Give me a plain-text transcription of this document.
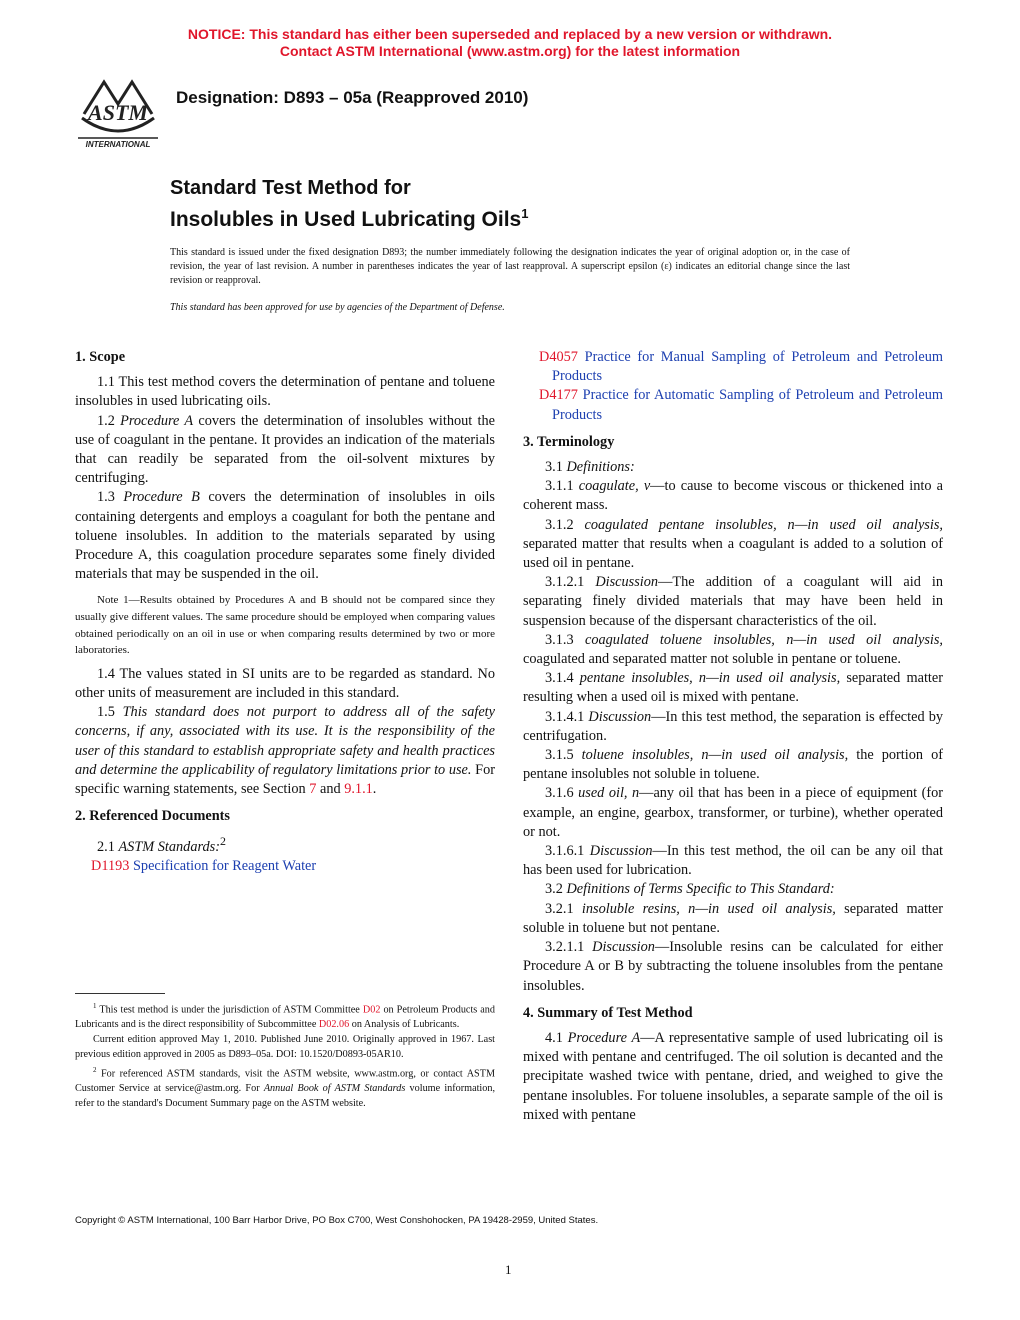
NOTICE: This standard has either been superseded and replaced by a new version or withdrawn.
Contact ASTM International (www.astm.org) for the latest information
ASTM
INTERNATIONAL
Designation: D893 – 05a (Reapproved 2010)
Standard Test Method for
Insolubles in Used Lubricating Oils$^1$
This standard is issued under the fixed designation D893; the number immediately following the designation indicates the year of original adoption or, in the case of revision, the year of last revision. A number in parentheses indicates the year of last reapproval. A superscript epsilon (ε) indicates an editorial change since the last revision or reapproval.
This standard has been approved for use by agencies of the Department of Defense.

1. Scope

1.1 This test method covers the determination of pentane and toluene insolubles in used lubricating oils.

1.2 Procedure A covers the determination of insolubles without the use of coagulant in the pentane. It provides an indication of the materials that can readily be separated from the oil-solvent mixtures by centrifuging.

1.3 Procedure B covers the determination of insolubles in oils containing detergents and employs a coagulant for both the pentane and toluene insolubles. In addition to the materials separated by using Procedure A, this coagulation procedure separates some finely divided materials that may be suspended in the oil.

Note 1—Results obtained by Procedures A and B should not be compared since they usually give different values. The same procedure should be employed when comparing values obtained periodically on an oil in use or when comparing results determined by two or more laboratories.

1.4 The values stated in SI units are to be regarded as standard. No other units of measurement are included in this standard.

1.5 This standard does not purport to address all of the safety concerns, if any, associated with its use. It is the responsibility of the user of this standard to establish appropriate safety and health practices and determine the applicability of regulatory limitations prior to use. For specific warning statements, see Section 7 and 9.1.1.

2. Referenced Documents

2.1 ASTM Standards:$^2$

D1193 Specification for Reagent Water

$^1$ This test method is under the jurisdiction of ASTM Committee D02 on Petroleum Products and Lubricants and is the direct responsibility of Subcommittee D02.06 on Analysis of Lubricants.

Current edition approved May 1, 2010. Published June 2010. Originally approved in 1967. Last previous edition approved in 2005 as D893–05a. DOI: 10.1520/D0893-05AR10.

$^2$ For referenced ASTM standards, visit the ASTM website, www.astm.org, or contact ASTM Customer Service at service@astm.org. For Annual Book of ASTM Standards volume information, refer to the standard's Document Summary page on the ASTM website.

D4057 Practice for Manual Sampling of Petroleum and Petroleum Products

D4177 Practice for Automatic Sampling of Petroleum and Petroleum Products

3. Terminology

3.1 Definitions:

3.1.1 coagulate, v—to cause to become viscous or thickened into a coherent mass.

3.1.2 coagulated pentane insolubles, n—in used oil analysis, separated matter that results when a coagulant is added to a solution of used oil in pentane.

3.1.2.1 Discussion—The addition of a coagulant will aid in separating finely divided materials that may have been held in suspension because of the dispersant characteristics of the oil.

3.1.3 coagulated toluene insolubles, n—in used oil analysis, coagulated and separated matter not soluble in pentane or toluene.

3.1.4 pentane insolubles, n—in used oil analysis, separated matter resulting when a used oil is mixed with pentane.

3.1.4.1 Discussion—In this test method, the separation is effected by centrifugation.

3.1.5 toluene insolubles, n—in used oil analysis, the portion of pentane insolubles not soluble in toluene.

3.1.6 used oil, n—any oil that has been in a piece of equipment (for example, an engine, gearbox, transformer, or turbine), whether operated or not.

3.1.6.1 Discussion—In this test method, the oil can be any oil that has been used for lubrication.

3.2 Definitions of Terms Specific to This Standard:

3.2.1 insoluble resins, n—in used oil analysis, separated matter soluble in toluene but not pentane.

3.2.1.1 Discussion—Insoluble resins can be calculated for either Procedure A or B by subtracting the toluene insolubles from the pentane insolubles.

4. Summary of Test Method

4.1 Procedure A—A representative sample of used lubricating oil is mixed with pentane and centrifuged. The oil solution is decanted and the precipitate washed twice with pentane, dried, and weighed to give the pentane insolubles. For toluene insolubles, a separate sample of the oil is mixed with pentane

Copyright © ASTM International, 100 Barr Harbor Drive, PO Box C700, West Conshohocken, PA 19428-2959, United States.
1
